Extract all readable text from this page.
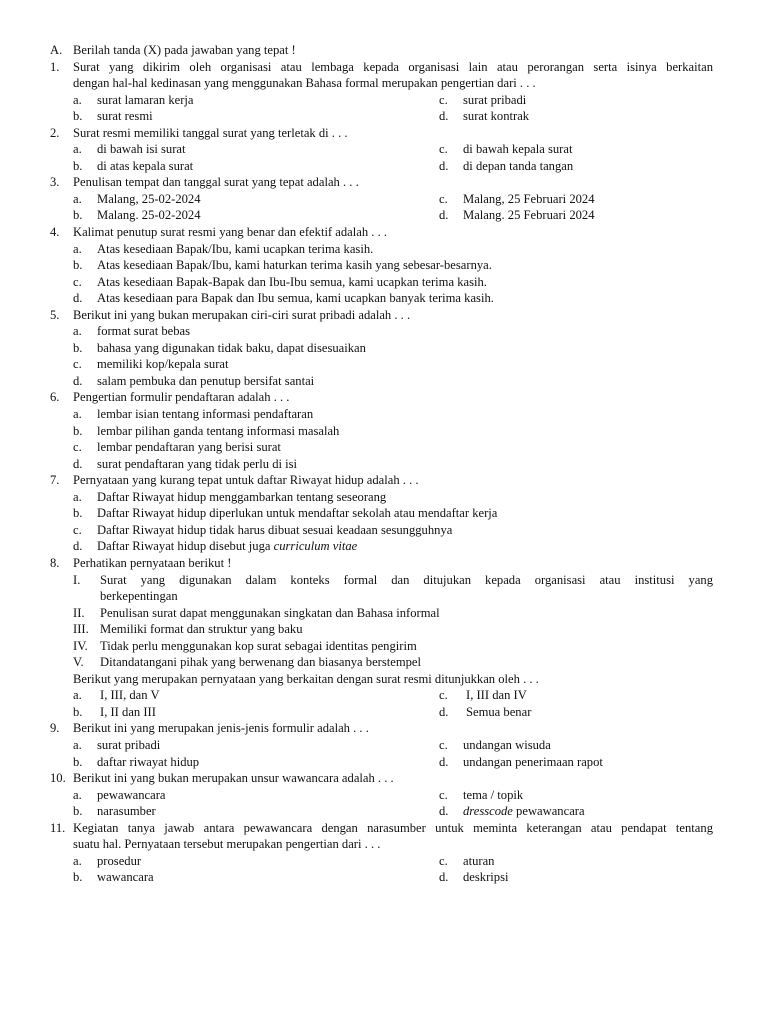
A. Berilah tanda (X) pada jawaban yang tepat !
1. Surat yang dikirim oleh organisasi atau lembaga kepada organisasi lain atau perorangan serta isinya berkaitan
dengan hal-hal kedinasan yang menggunakan Bahasa formal merupakan pengertian dari . . .
a. surat lamaran kerja	c. surat pribadi
b. surat resmi	d. surat kontrak
2. Surat resmi memiliki tanggal surat yang terletak di . . .
a. di bawah isi surat	c. di bawah kepala surat
b. di atas kepala surat	d. di depan tanda tangan
3. Penulisan tempat dan tanggal surat yang tepat adalah . . .
a. Malang, 25-02-2024	c. Malang, 25 Februari 2024
b. Malang. 25-02-2024	d. Malang. 25 Februari 2024
4. Kalimat penutup surat resmi yang benar dan efektif adalah . . .
a. Atas kesediaan Bapak/Ibu, kami ucapkan terima kasih.
b. Atas kesediaan Bapak/Ibu, kami haturkan terima kasih yang sebesar-besarnya.
c. Atas kesediaan Bapak-Bapak dan Ibu-Ibu semua, kami ucapkan terima kasih.
d. Atas kesediaan para Bapak dan Ibu semua, kami ucapkan banyak terima kasih.
5. Berikut ini yang bukan merupakan ciri-ciri surat pribadi adalah . . .
a. format surat bebas
b. bahasa yang digunakan tidak baku, dapat disesuaikan
c. memiliki kop/kepala surat
d. salam pembuka dan penutup bersifat santai
6. Pengertian formulir pendaftaran adalah . . .
a. lembar isian tentang informasi pendaftaran
b. lembar pilihan ganda tentang informasi masalah
c. lembar pendaftaran yang berisi surat
d. surat pendaftaran yang tidak perlu di isi
7. Pernyataan yang kurang tepat untuk daftar Riwayat hidup adalah . . .
a. Daftar Riwayat hidup menggambarkan tentang seseorang
b. Daftar Riwayat hidup diperlukan untuk mendaftar sekolah atau mendaftar kerja
c. Daftar Riwayat hidup tidak harus dibuat sesuai keadaan sesungguhnya
d. Daftar Riwayat hidup disebut juga curriculum vitae
8. Perhatikan pernyataan berikut !
I. Surat yang digunakan dalam konteks formal dan ditujukan kepada organisasi atau institusi yang
berkepentingan
II. Penulisan surat dapat menggunakan singkatan dan Bahasa informal
III. Memiliki format dan struktur yang baku
IV. Tidak perlu menggunakan kop surat sebagai identitas pengirim
V. Ditandatangani pihak yang berwenang dan biasanya berstempel
Berikut yang merupakan pernyataan yang berkaitan dengan surat resmi ditunjukkan oleh . . .
a. I, III, dan V	c. I, III dan IV
b. I, II dan III	d. Semua benar
9. Berikut ini yang merupakan jenis-jenis formulir adalah . . .
a. surat pribadi	c. undangan wisuda
b. daftar riwayat hidup	d. undangan penerimaan rapot
10. Berikut ini yang bukan merupakan unsur wawancara adalah . . .
a. pewawancara	c. tema / topik
b. narasumber	d. dresscode pewawancara
11. Kegiatan tanya jawab antara pewawancara dengan narasumber untuk meminta keterangan atau pendapat tentang
suatu hal. Pernyataan tersebut merupakan pengertian dari . . .
a. prosedur	c. aturan
b. wawancara	d. deskripsi
